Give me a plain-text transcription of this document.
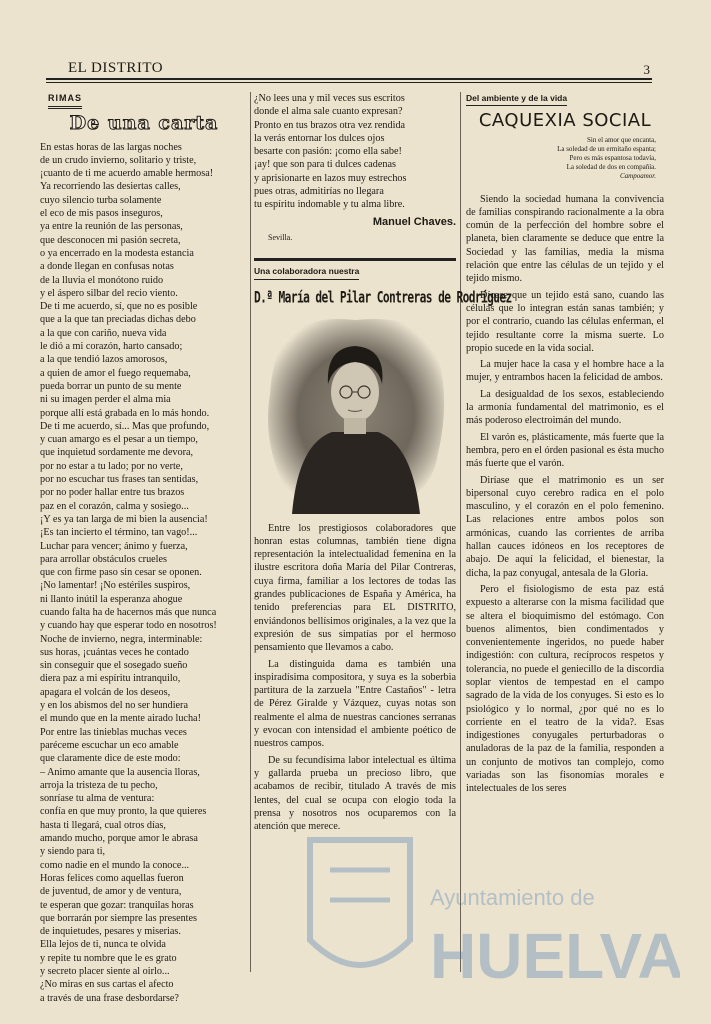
EL DISTRITO	3
RIMAS
De una carta
En estas horas de las largas noches
de un crudo invierno, solitario y triste,
¡cuanto de ti me acuerdo amable hermosa!
Ya recorriendo las desiertas calles,
cuyo silencio turba solamente
el eco de mis pasos inseguros,
ya entre la reunión de las personas,
que desconocen mi pasión secreta,
o ya encerrado en la modesta estancia
a donde llegan en confusas notas
de la lluvia el monótono ruido
y el áspero silbar del recio viento.
De ti me acuerdo, sí, que no es posible
que a la que tan preciadas dichas debo
a la que con cariño, nueva vida
le dió a mi corazón, harto cansado;
a la que tendió lazos amorosos,
a quien de amor el fuego requemaba,
pueda borrar un punto de su mente
ni su imagen perder el alma mia
porque allí está grabada en lo más hondo.
De ti me acuerdo, sí... Mas que profundo,
y cuan amargo es el pesar a un tiempo,
que inquietud sordamente me devora,
por no estar a tu lado; por no verte,
por no escuchar tus frases tan sentidas,
por no poder hallar entre tus brazos
paz en el corazón, calma y sosiego...
¡Y es ya tan larga de mi bien la ausencia!
¡Es tan incierto el término, tan vago!...
Luchar para vencer; ánimo y fuerza,
para arrollar obstáculos crueles
que con firme paso sin cesar se oponen.
¡No lamentar! ¡No estériles suspiros,
ni llanto inútil la esperanza ahogue
cuando falta ha de hacernos más que nunca
y cuando hay que esperar todo en nosotros!
Noche de invierno, negra, interminable:
sus horas, ¡cuántas veces he contado
sin conseguir que el sosegado sueño
diera paz a mi espíritu intranquilo,
apagara el volcán de los deseos,
y en los abismos del no ser hundiera
el mundo que en la mente airado lucha!
Por entre las tinieblas muchas veces
paréceme escuchar un eco amable
que claramente dice de este modo:
– Animo amante que la ausencia lloras,
arroja la tristeza de tu pecho,
sonríase tu alma de ventura:
confía en que muy pronto, la que quieres
hasta ti llegará, cual otros días,
amando mucho, porque amor le abrasa
y siendo para ti,
como nadie en el mundo la conoce...
Horas felices como aquellas fueron
de juventud, de amor y de ventura,
te esperan que gozar: tranquilas horas
que borrarán por siempre las presentes
de inquietudes, pesares y miserias.
Ella lejos de ti, nunca te olvida
y repite tu nombre que le es grato
y secreto placer siente al oirlo...
¿No miras en sus cartas el afecto
a través de una frase desbordarse?
¿No lees una y mil veces sus escritos
donde el alma sale cuanto expresan?
Pronto en tus brazos otra vez rendida
la verás entornar los dulces ojos
besarte con pasión: ¡como ella sabe!
¡ay! que son para ti dulces cadenas
y aprisionarte en lazos muy estrechos
pues otras, admitirías no llegara
tu espíritu indomable y tu alma libre.
Manuel Chaves.
Sevilla.
Una colaboradora nuestra
D.ª María del Pilar Contreras de Rodríguez

Entre los prestigiosos colaboradores que honran estas columnas, también tiene digna representación la intelectualidad femenina en la ilustre escritora doña María del Pilar Contreras, cuya firma, familiar a los lectores de todas las grandes publicaciones de España y América, ha tenido preferencias para EL DISTRITO, enviándonos bellísimos originales, a la vez que la expresión de sus simpatías por el hermoso pensamiento que llevamos a cabo.

La distinguida dama es también una inspiradísima compositora, y suya es la soberbia partitura de la zarzuela "Entre Castaños" - letra de Pérez Giralde y Vázquez, cuyas notas son realmente el alma de nuestras canciones serranas y evocan con intensidad el ambiente poético de nuestros campos.

De su fecundísima labor intelectual es última y gallarda prueba un precioso libro, que acabamos de recibir, titulado A través de mis lentes, del cual se ocupa con elogio toda la prensa y nosotros nos ocuparemos con la atención que merece.

Del ambiente y de la vida
CAQUEXIA SOCIAL
Sin el amor que encanta,
La soledad de un ermitaño espanta;
Pero es más espantosa todavía,
La soledad de dos en compañía.
Campoamor.

Siendo la sociedad humana la convivencia de familias conspirando racionalmente a la obra común de la perfección del hombre sobre el planeta, bien claramente se deduce que entre la Sociedad y las familias, media la misma relación que entre las células de un tejido y el tejido mismo.

Dícese que un tejido está sano, cuando las células que lo integran están sanas también; y por el contrario, cuando las células enferman, el tejido resultante corre la misma suerte. Lo propio sucede en la vida social.

La mujer hace la casa y el hombre hace a la mujer, y entrambos hacen la felicidad de ambos.

La desigualdad de los sexos, estableciendo la armonía fundamental del matrimonio, es el más poderoso electroimán del mundo.

El varón es, plásticamente, más fuerte que la hembra, pero en el órden pasional es ésta mucho más fuerte que el varón.

Diríase que el matrimonio es un ser bipersonal cuyo cerebro radica en el polo masculino, y el corazón en el polo femenino. Las relaciones entre ambos polos son armónicas, cuando las corrientes de arriba hallan cauces idóneos en los receptores de abajo. De aquí la felicidad, el bienestar, la dicha, la paz conyugal, antesala de la Gloria.

Pero el fisiologismo de esta paz está expuesto a alterarse con la misma facilidad que se altera el bioquimismo del estómago. Con buenos alimentos, bien condimentados y convenientemente ingeridos, no puede haber indigestión: con cultura, recíprocos respetos y tolerancia, no puede el geniecillo de la discordia soplar vientos de tempestad en el campo sagrado de la vida de los conyuges. Si esto es lo psiológico y lo normal, ¿por qué no es lo corriente en el teatro de la vida?. Esas indigestiones conyugales perturbadoras o anuladoras de la paz de la familia, responden a un conjunto de motivos tan complejo, como variadas son las fisonomías morales e intelectuales de los seres

Ayuntamiento de
HUELVA
